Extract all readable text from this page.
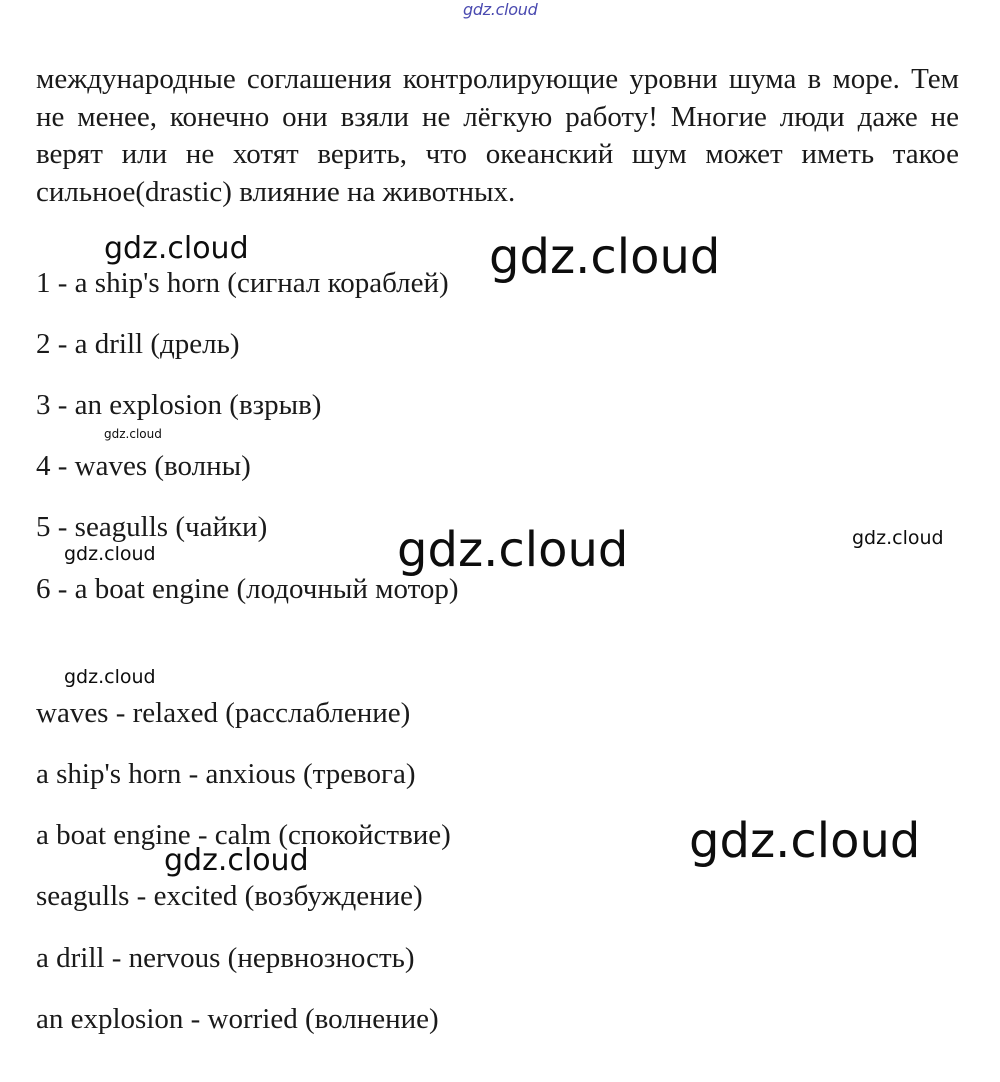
международные соглашения контролирующие уровни шума в море. Тем не менее, конечно они взяли не лёгкую работу! Многие люди даже не верят или не хотят верить, что океанский шум может иметь такое сильное(drastic) влияние на животных.

1 - a ship's horn (сигнал кораблей)

2 - a drill (дрель)

3 - an explosion (взрыв)

4 - waves (волны)

5 - seagulls (чайки)

6 - a boat engine (лодочный мотор)

waves - relaxed (расслабление)

a ship's horn - anxious (тревога)

a boat engine - calm (спокойствие)

seagulls - excited (возбуждение)

a drill - nervous (нервнозность)

an explosion - worried (волнение)

gdz.cloud
gdz.cloud	gdz.cloud
gdz.cloud
gdz.cloud	gdz.cloud	gdz.cloud
gdz.cloud
gdz.cloud
gdz.cloud
